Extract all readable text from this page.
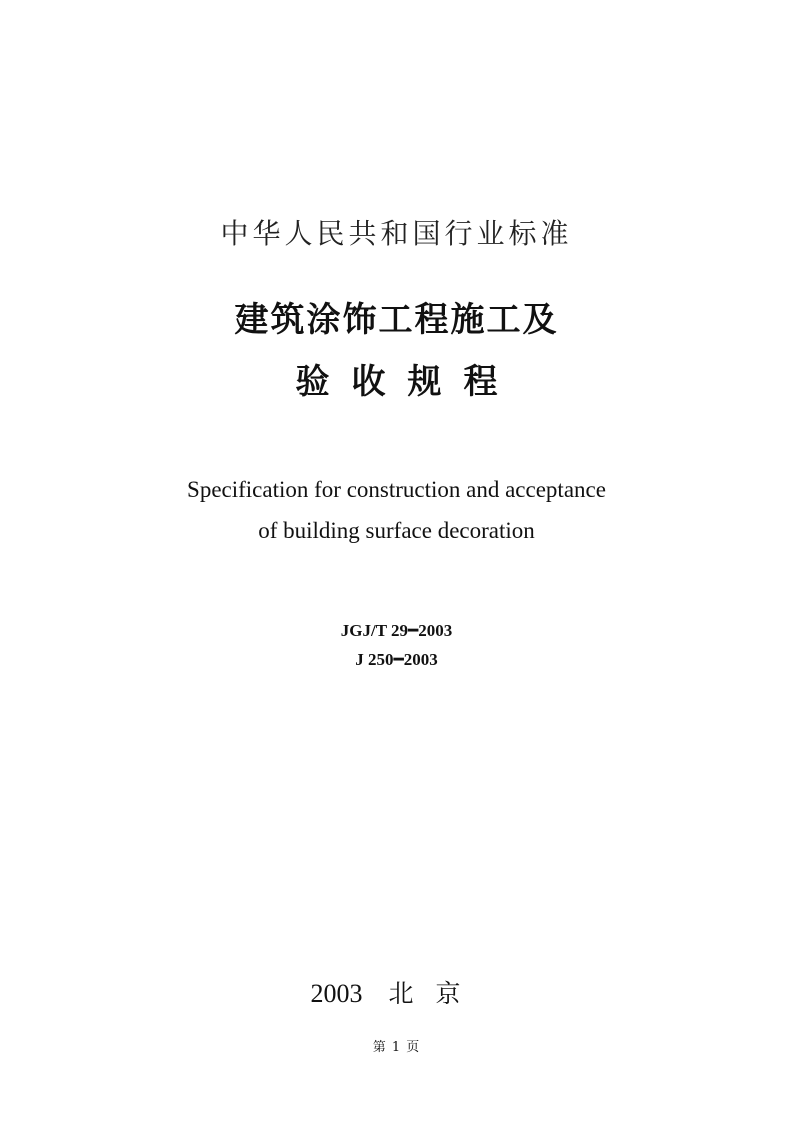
中华人民共和国行业标准
建筑涂饰工程施工及
验收规程
Specification for construction and acceptance
of building surface decoration
JGJ/T 29━2003
J 250━2003
2003 北京
第 1 页
